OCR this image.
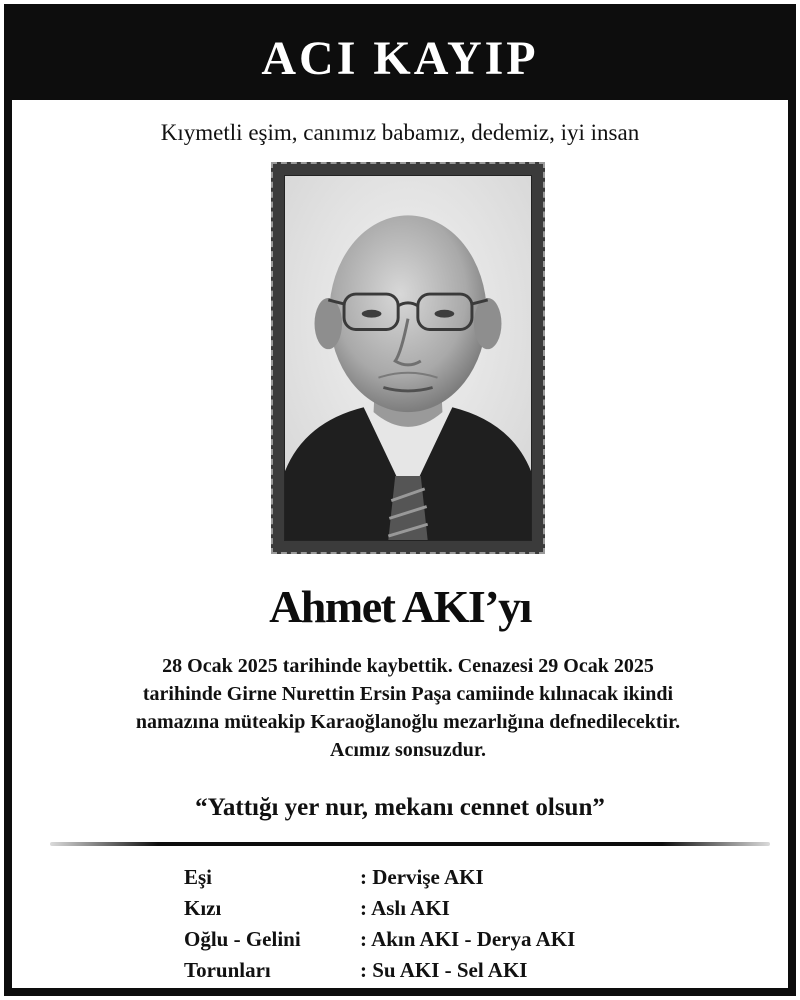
ACI KAYIP
Kıymetli eşim, canımız babamız, dedemiz, iyi insan
Ahmet AKI’yı
28 Ocak 2025 tarihinde kaybettik. Cenazesi 29 Ocak 2025
tarihinde Girne Nurettin Ersin Paşa camiinde kılınacak ikindi
namazına müteakip Karaoğlanoğlu mezarlığına defnedilecektir.
Acımız sonsuzdur.
“Yattığı yer nur, mekanı cennet olsun”
Eşi	: Dervişe AKI
Kızı	: Aslı AKI
Oğlu - Gelini	: Akın AKI - Derya AKI
Torunları	: Su AKI - Sel AKI
